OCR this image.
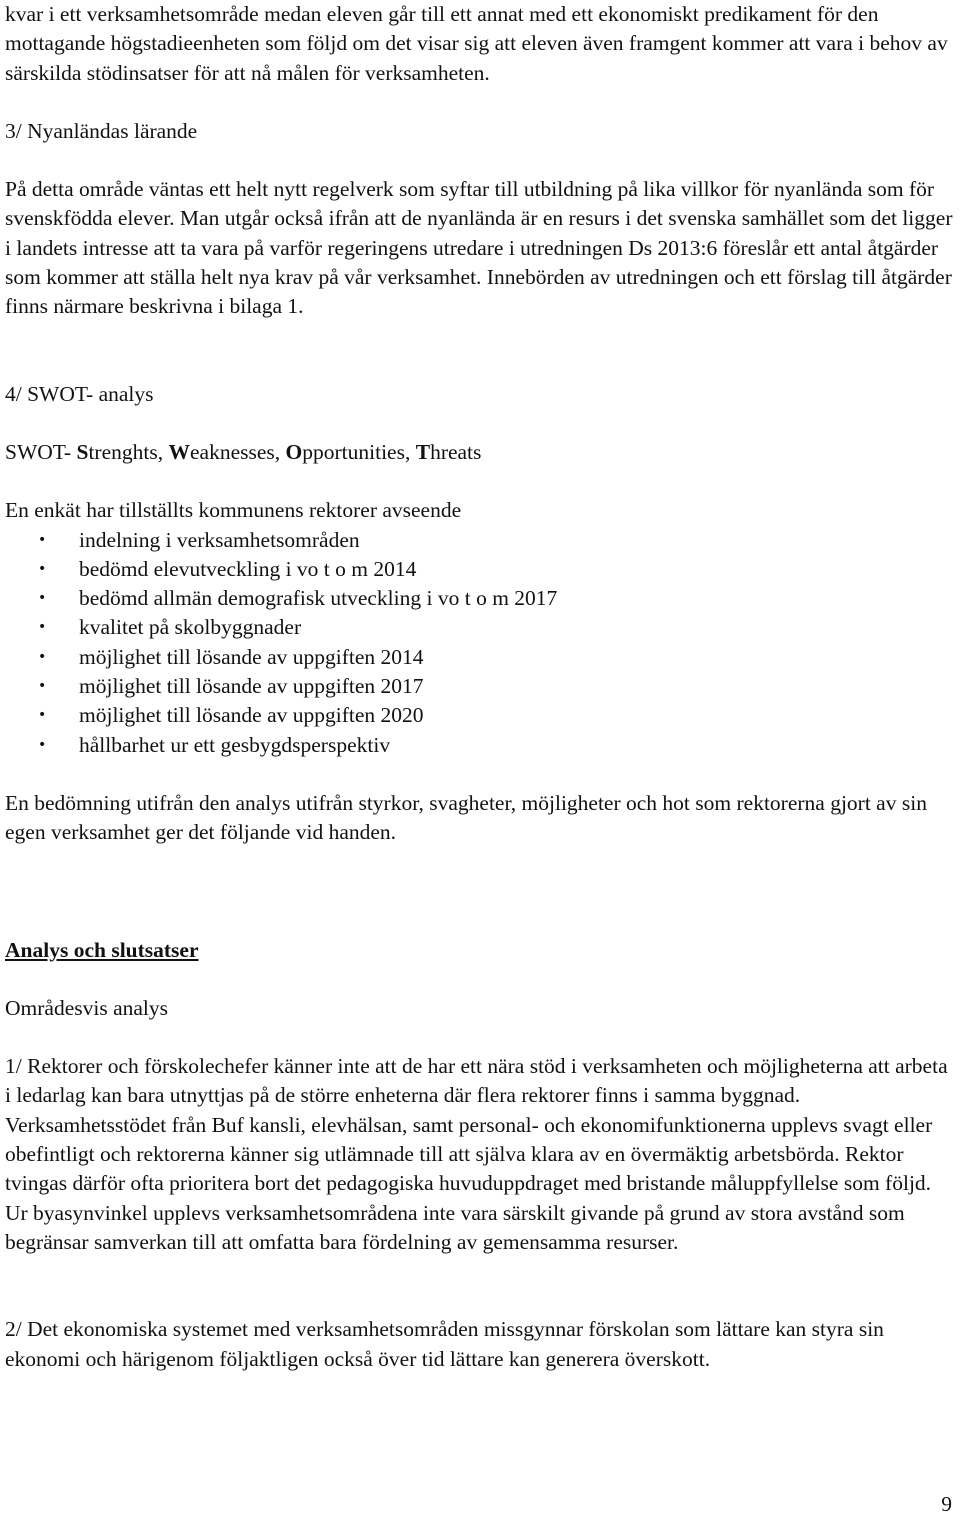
kvar i ett verksamhetsområde medan eleven går till ett annat med ett ekonomiskt predikament för den mottagande högstadieenheten som följd om det visar sig att eleven även framgent kommer att vara i behov av särskilda stödinsatser för att nå målen för verksamheten.

3/ Nyanländas lärande

På detta område väntas ett helt nytt regelverk som syftar till utbildning på lika villkor för nyanlända som för svenskfödda elever. Man utgår också ifrån att de nyanlända är en resurs i det svenska samhället som det ligger i landets intresse att ta vara på varför regeringens utredare i utredningen Ds 2013:6 föreslår ett antal åtgärder som kommer att ställa helt nya krav på vår verksamhet. Innebörden av utredningen och ett förslag till åtgärder finns närmare beskrivna i bilaga 1.

4/ SWOT- analys

SWOT- Strenghts, Weaknesses, Opportunities, Threats

En enkät har tillställts kommunens rektorer avseende

• indelning i verksamhetsområden
• bedömd elevutveckling i vo t o m 2014
• bedömd allmän demografisk utveckling i vo t o m 2017
• kvalitet på skolbyggnader
• möjlighet till lösande av uppgiften 2014
• möjlighet till lösande av uppgiften 2017
• möjlighet till lösande av uppgiften 2020
• hållbarhet ur ett gesbygdsperspektiv

En bedömning utifrån den analys utifrån styrkor, svagheter, möjligheter och hot som rektorerna gjort av sin egen verksamhet ger det följande vid handen.

Analys och slutsatser

Områdesvis analys

1/ Rektorer och förskolechefer känner inte att de har ett nära stöd i verksamheten och möjligheterna att arbeta i ledarlag kan bara utnyttjas på de större enheterna där flera rektorer finns i samma byggnad. Verksamhetsstödet från Buf kansli, elevhälsan, samt personal- och ekonomifunktionerna upplevs svagt eller obefintligt och rektorerna känner sig utlämnade till att själva klara av en övermäktig arbetsbörda. Rektor tvingas därför ofta prioritera bort det pedagogiska huvuduppdraget med bristande måluppfyllelse som följd. Ur byasynvinkel upplevs verksamhetsområdena inte vara särskilt givande på grund av stora avstånd som begränsar samverkan till att omfatta bara fördelning av gemensamma resurser.

2/ Det ekonomiska systemet med verksamhetsområden missgynnar förskolan som lättare kan styra sin ekonomi och härigenom följaktligen också över tid lättare kan generera överskott.

9
